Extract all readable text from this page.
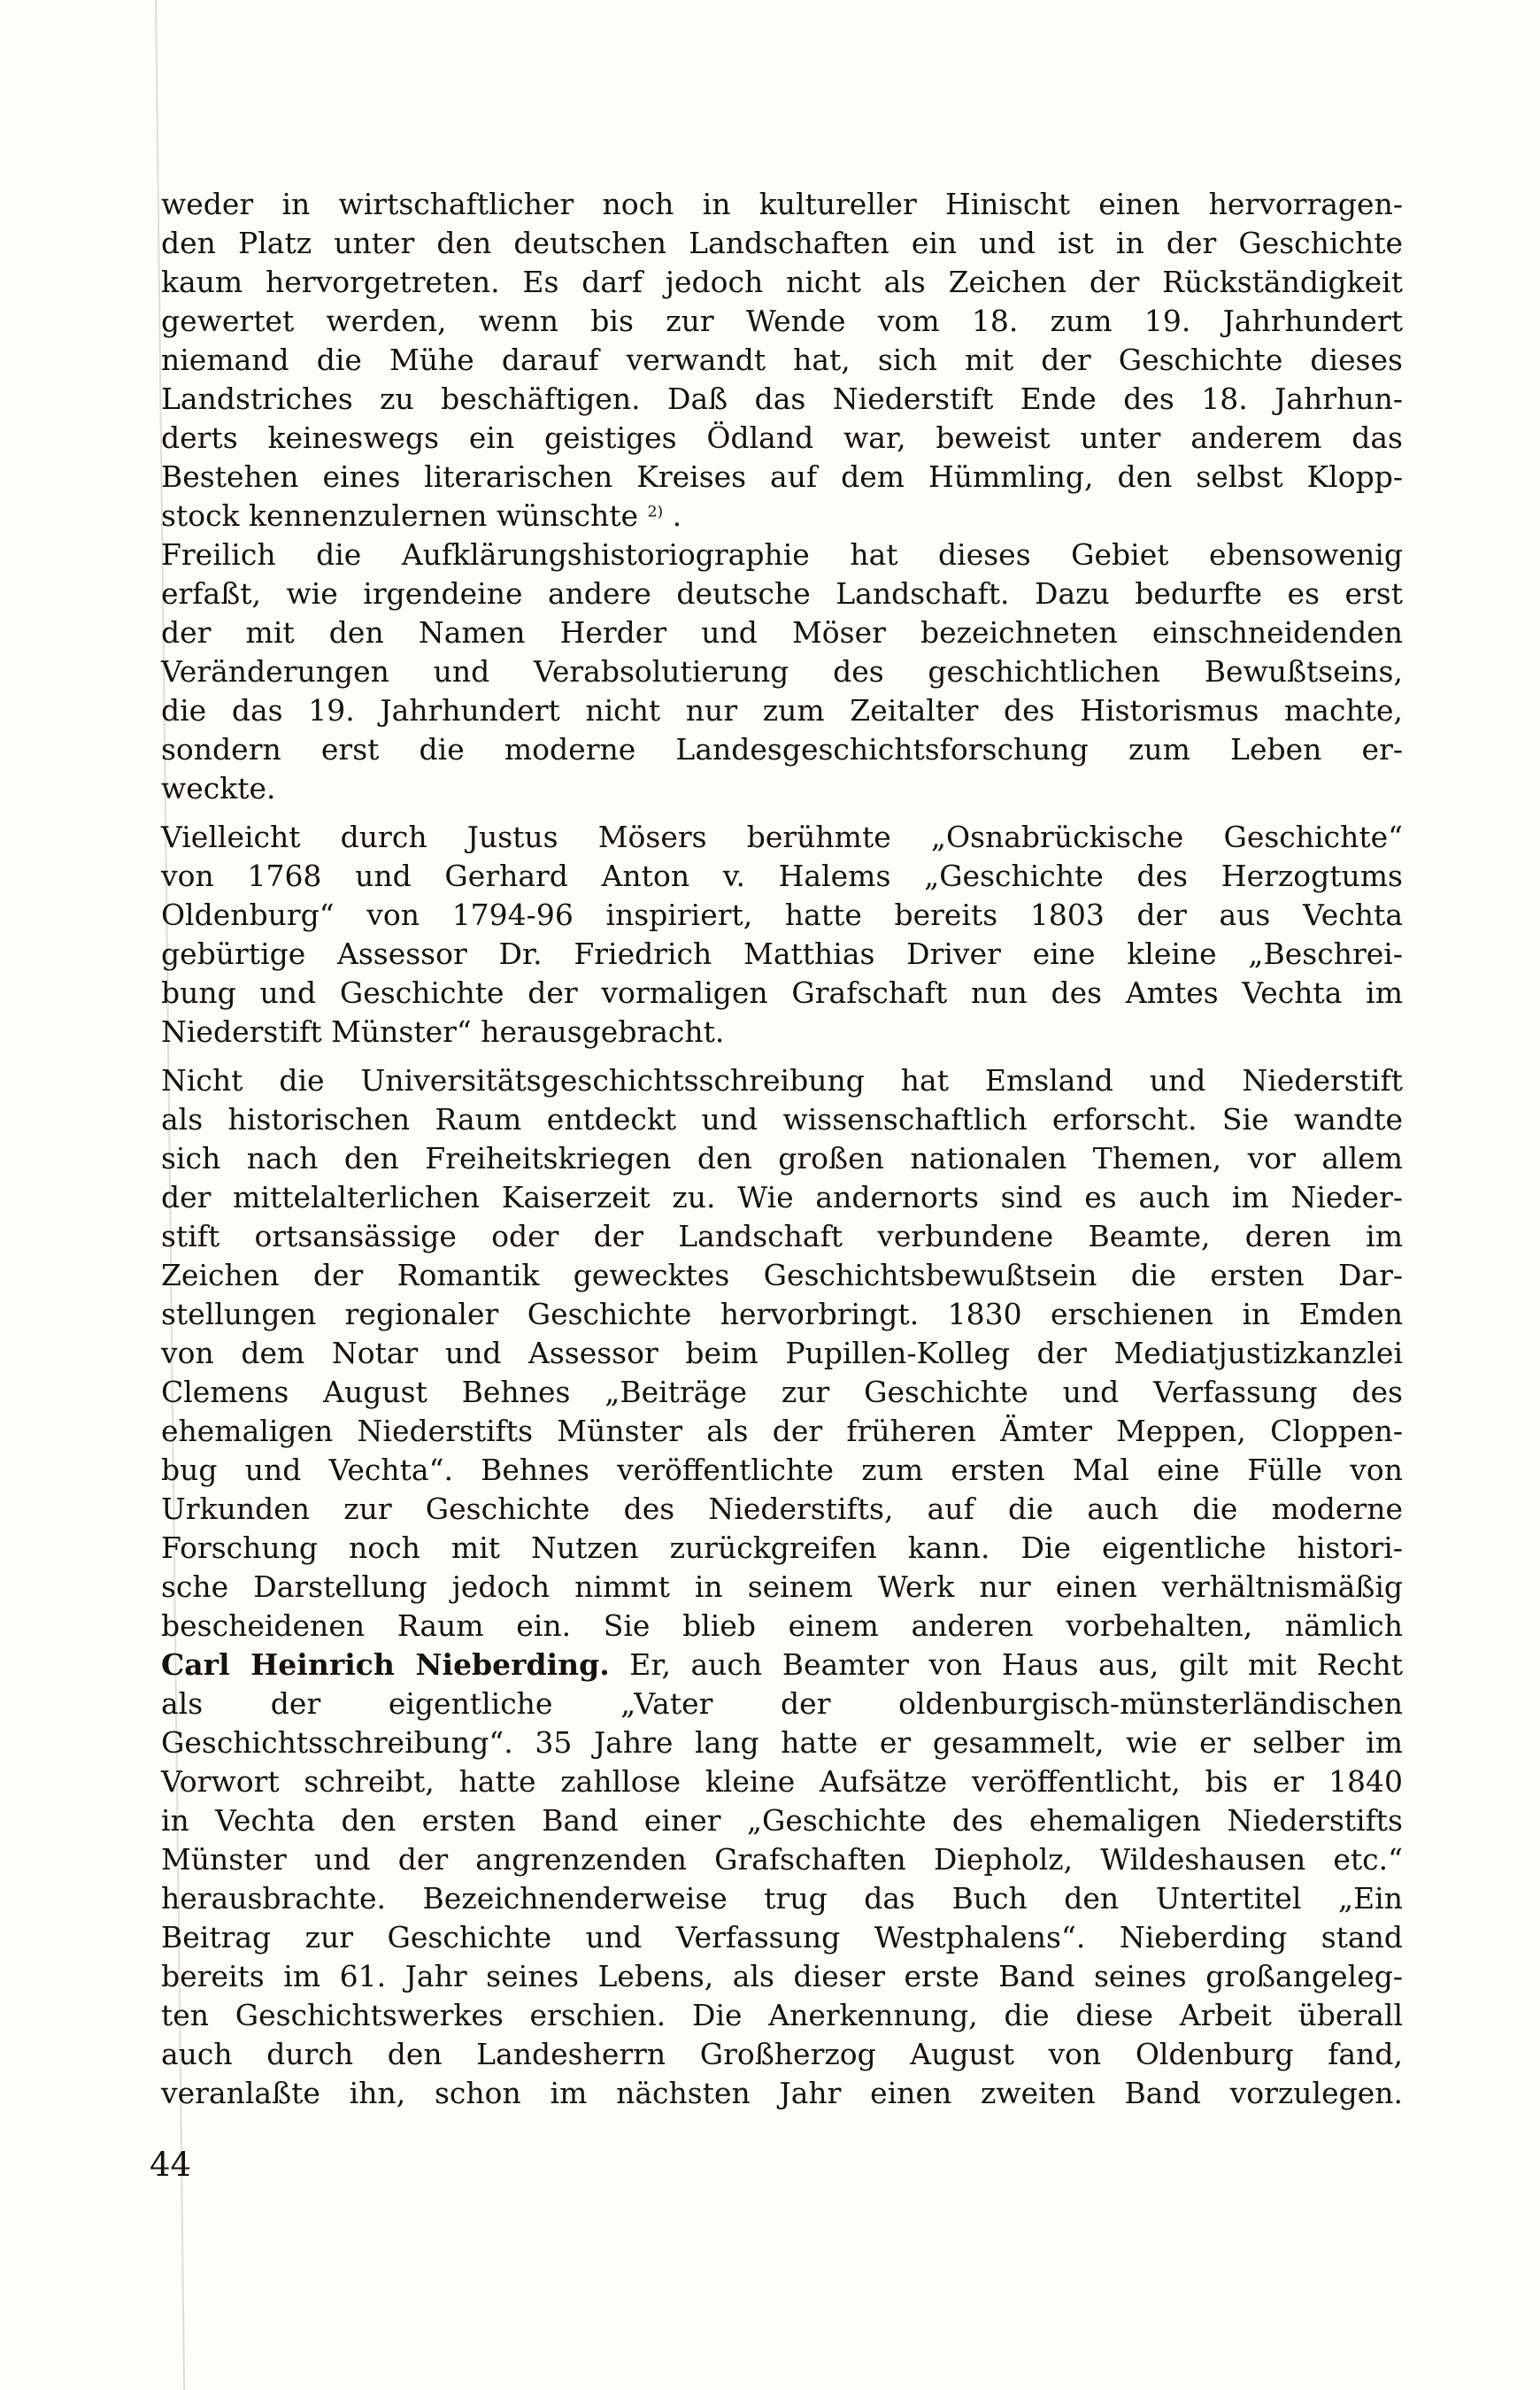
weder in wirtschaftlicher noch in kultureller Hinischt einen hervorragen-
den Platz unter den deutschen Landschaften ein und ist in der Geschichte
kaum hervorgetreten. Es darf jedoch nicht als Zeichen der Rückständigkeit
gewertet werden, wenn bis zur Wende vom 18. zum 19. Jahrhundert
niemand die Mühe darauf verwandt hat, sich mit der Geschichte dieses
Landstriches zu beschäftigen. Daß das Niederstift Ende des 18. Jahrhun-
derts keineswegs ein geistiges Ödland war, beweist unter anderem das
Bestehen eines literarischen Kreises auf dem Hümmling, den selbst Klopp-
stock kennenzulernen wünschte $^{2)}$ .
Freilich die Aufklärungshistoriographie hat dieses Gebiet ebensowenig
erfaßt, wie irgendeine andere deutsche Landschaft. Dazu bedurfte es erst
der mit den Namen Herder und Möser bezeichneten einschneidenden
Veränderungen und Verabsolutierung des geschichtlichen Bewußtseins,
die das 19. Jahrhundert nicht nur zum Zeitalter des Historismus machte,
sondern erst die moderne Landesgeschichtsforschung zum Leben er-
weckte.
Vielleicht durch Justus Mösers berühmte „Osnabrückische Geschichte“
von 1768 und Gerhard Anton v. Halems „Geschichte des Herzogtums
Oldenburg“ von 1794-96 inspiriert, hatte bereits 1803 der aus Vechta
gebürtige Assessor Dr. Friedrich Matthias Driver eine kleine „Beschrei-
bung und Geschichte der vormaligen Grafschaft nun des Amtes Vechta im
Niederstift Münster“ herausgebracht.
Nicht die Universitätsgeschichtsschreibung hat Emsland und Niederstift
als historischen Raum entdeckt und wissenschaftlich erforscht. Sie wandte
sich nach den Freiheitskriegen den großen nationalen Themen, vor allem
der mittelalterlichen Kaiserzeit zu. Wie andernorts sind es auch im Nieder-
stift ortsansässige oder der Landschaft verbundene Beamte, deren im
Zeichen der Romantik gewecktes Geschichtsbewußtsein die ersten Dar-
stellungen regionaler Geschichte hervorbringt. 1830 erschienen in Emden
von dem Notar und Assessor beim Pupillen-Kolleg der Mediatjustizkanzlei
Clemens August Behnes „Beiträge zur Geschichte und Verfassung des
ehemaligen Niederstifts Münster als der früheren Ämter Meppen, Cloppen-
bug und Vechta“. Behnes veröffentlichte zum ersten Mal eine Fülle von
Urkunden zur Geschichte des Niederstifts, auf die auch die moderne
Forschung noch mit Nutzen zurückgreifen kann. Die eigentliche histori-
sche Darstellung jedoch nimmt in seinem Werk nur einen verhältnismäßig
bescheidenen Raum ein. Sie blieb einem anderen vorbehalten, nämlich
Carl Heinrich Nieberding. Er, auch Beamter von Haus aus, gilt mit Recht
als der eigentliche „Vater der oldenburgisch-münsterländischen
Geschichtsschreibung“. 35 Jahre lang hatte er gesammelt, wie er selber im
Vorwort schreibt, hatte zahllose kleine Aufsätze veröffentlicht, bis er 1840
in Vechta den ersten Band einer „Geschichte des ehemaligen Niederstifts
Münster und der angrenzenden Grafschaften Diepholz, Wildeshausen etc.“
herausbrachte. Bezeichnenderweise trug das Buch den Untertitel „Ein
Beitrag zur Geschichte und Verfassung Westphalens“. Nieberding stand
bereits im 61. Jahr seines Lebens, als dieser erste Band seines großangeleg-
ten Geschichtswerkes erschien. Die Anerkennung, die diese Arbeit überall
auch durch den Landesherrn Großherzog August von Oldenburg fand,
veranlaßte ihn, schon im nächsten Jahr einen zweiten Band vorzulegen.
44
